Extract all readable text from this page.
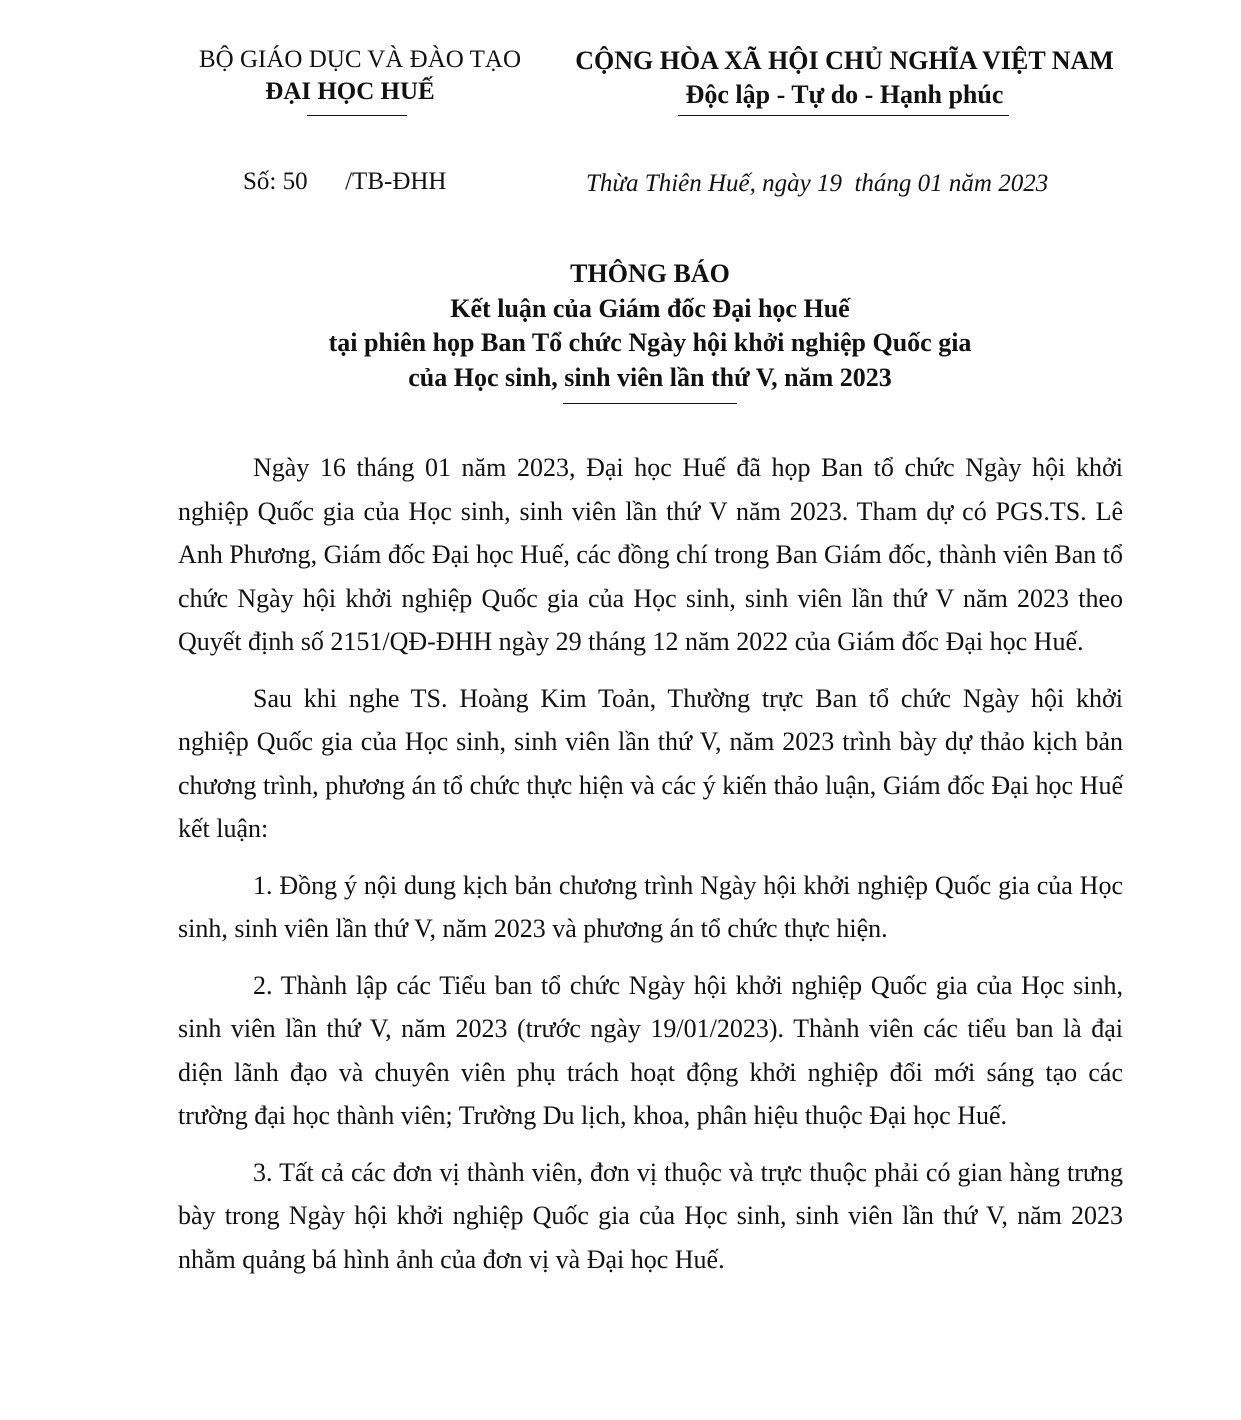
BỘ GIÁO DỤC VÀ ĐÀO TẠO
ĐẠI HỌC HUẾ
CỘNG HÒA XÃ HỘI CHỦ NGHĨA VIỆT NAM
Độc lập - Tự do - Hạnh phúc
Số: 50      /TB-ĐHH	Thừa Thiên Huế, ngày 19  tháng 01 năm 2023
THÔNG BÁO
Kết luận của Giám đốc Đại học Huế
tại phiên họp Ban Tổ chức Ngày hội khởi nghiệp Quốc gia
của Học sinh, sinh viên lần thứ V, năm 2023

Ngày 16 tháng 01 năm 2023, Đại học Huế đã họp Ban tổ chức Ngày hội khởi nghiệp Quốc gia của Học sinh, sinh viên lần thứ V năm 2023. Tham dự có PGS.TS. Lê Anh Phương, Giám đốc Đại học Huế, các đồng chí trong Ban Giám đốc, thành viên Ban tổ chức Ngày hội khởi nghiệp Quốc gia của Học sinh, sinh viên lần thứ V năm 2023 theo Quyết định số 2151/QĐ-ĐHH ngày 29 tháng 12 năm 2022 của Giám đốc Đại học Huế.

Sau khi nghe TS. Hoàng Kim Toản, Thường trực Ban tổ chức Ngày hội khởi nghiệp Quốc gia của Học sinh, sinh viên lần thứ V, năm 2023 trình bày dự thảo kịch bản chương trình, phương án tổ chức thực hiện và các ý kiến thảo luận, Giám đốc Đại học Huế kết luận:

1. Đồng ý nội dung kịch bản chương trình Ngày hội khởi nghiệp Quốc gia của Học sinh, sinh viên lần thứ V, năm 2023 và phương án tổ chức thực hiện.

2. Thành lập các Tiểu ban tổ chức Ngày hội khởi nghiệp Quốc gia của Học sinh, sinh viên lần thứ V, năm 2023 (trước ngày 19/01/2023). Thành viên các tiểu ban là đại diện lãnh đạo và chuyên viên phụ trách hoạt động khởi nghiệp đổi mới sáng tạo các trường đại học thành viên; Trường Du lịch, khoa, phân hiệu thuộc Đại học Huế.

3. Tất cả các đơn vị thành viên, đơn vị thuộc và trực thuộc phải có gian hàng trưng bày trong Ngày hội khởi nghiệp Quốc gia của Học sinh, sinh viên lần thứ V, năm 2023 nhằm quảng bá hình ảnh của đơn vị và Đại học Huế.
